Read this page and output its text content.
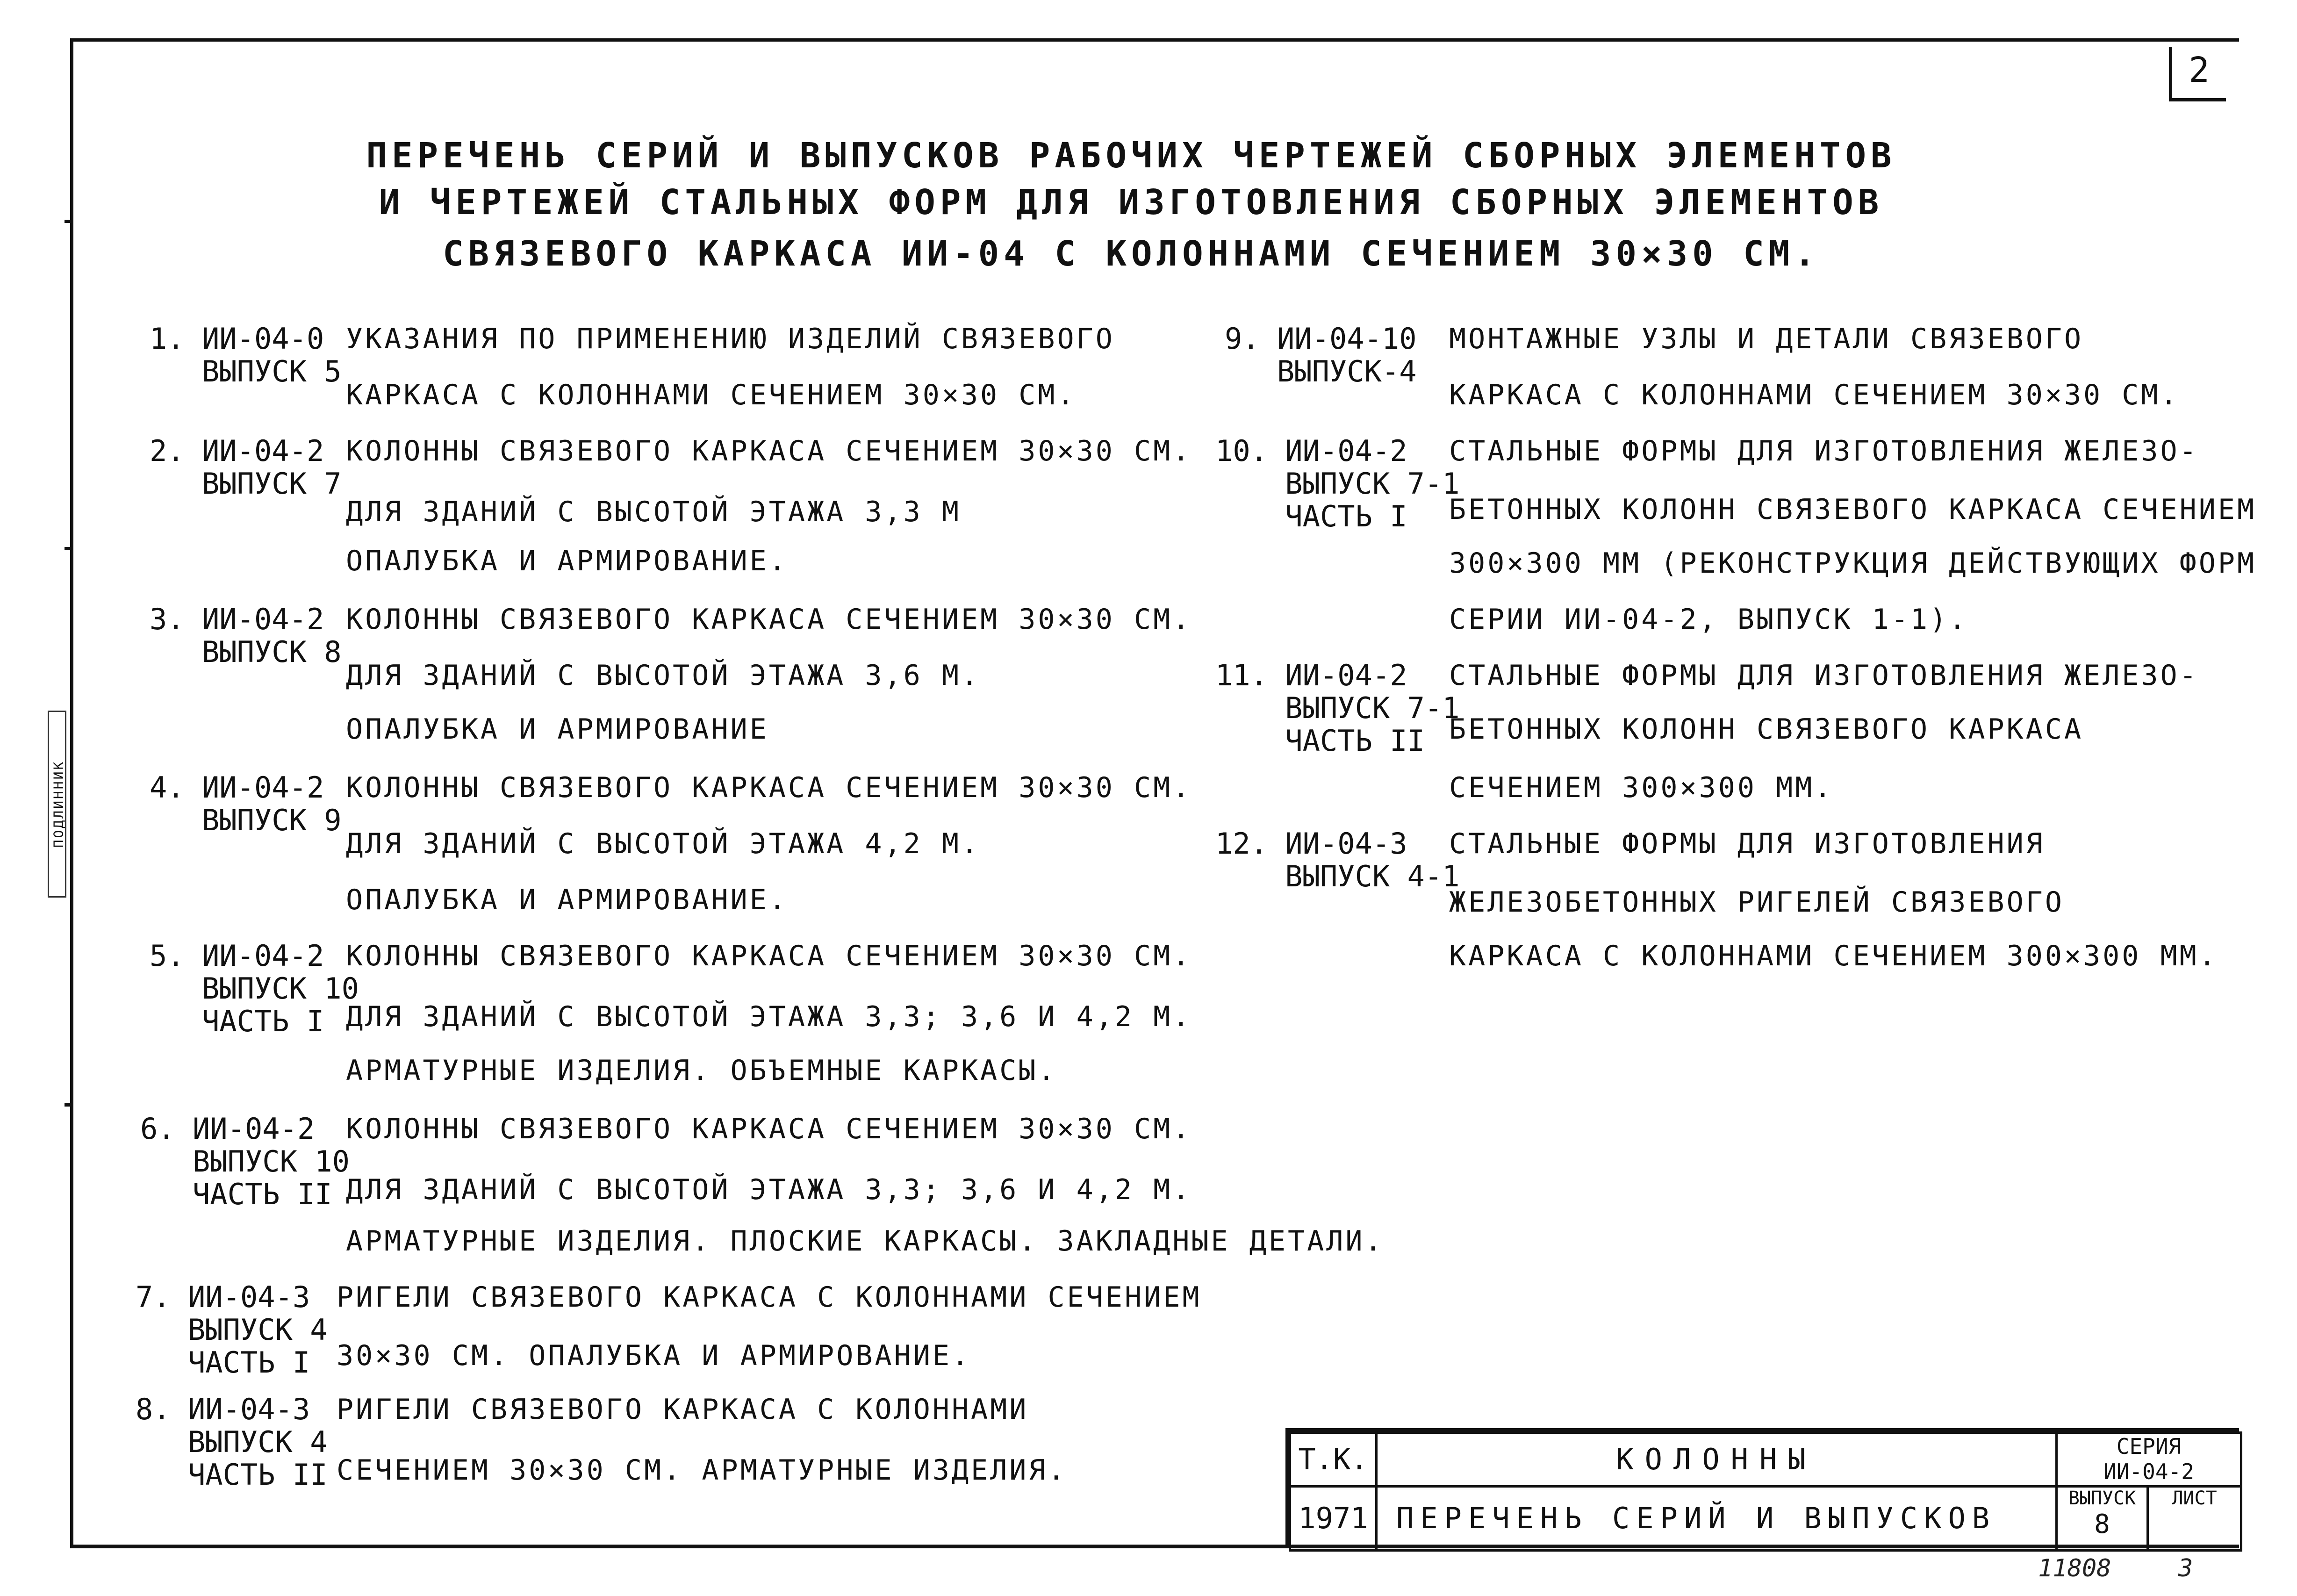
2
ПЕРЕЧЕНЬ СЕРИЙ И ВЫПУСКОВ РАБОЧИХ ЧЕРТЕЖЕЙ СБОРНЫХ ЭЛЕМЕНТОВ
И ЧЕРТЕЖЕЙ СТАЛЬНЫХ ФОРМ ДЛЯ ИЗГОТОВЛЕНИЯ СБОРНЫХ ЭЛЕМЕНТОВ
СВЯЗЕВОГО КАРКАСА ИИ-04 С КОЛОННАМИ СЕЧЕНИЕМ 30×30 СМ.
ПОДЛИННИК
1. ИИ-04-0
ВЫПУСК 5
УКАЗАНИЯ ПО ПРИМЕНЕНИЮ ИЗДЕЛИЙ СВЯЗЕВОГО
КАРКАСА С КОЛОННАМИ СЕЧЕНИЕМ 30×30 СМ.
2. ИИ-04-2
ВЫПУСК 7
КОЛОННЫ СВЯЗЕВОГО КАРКАСА СЕЧЕНИЕМ 30×30 СМ.
ДЛЯ ЗДАНИЙ С ВЫСОТОЙ ЭТАЖА 3,3 М
ОПАЛУБКА И АРМИРОВАНИЕ.
3. ИИ-04-2
ВЫПУСК 8
КОЛОННЫ СВЯЗЕВОГО КАРКАСА СЕЧЕНИЕМ 30×30 СМ.
ДЛЯ ЗДАНИЙ С ВЫСОТОЙ ЭТАЖА 3,6 М.
ОПАЛУБКА И АРМИРОВАНИЕ
4. ИИ-04-2
ВЫПУСК 9
КОЛОННЫ СВЯЗЕВОГО КАРКАСА СЕЧЕНИЕМ 30×30 СМ.
ДЛЯ ЗДАНИЙ С ВЫСОТОЙ ЭТАЖА 4,2 М.
ОПАЛУБКА И АРМИРОВАНИЕ.
5. ИИ-04-2
ВЫПУСК 10
ЧАСТЬ I
КОЛОННЫ СВЯЗЕВОГО КАРКАСА СЕЧЕНИЕМ 30×30 СМ.
ДЛЯ ЗДАНИЙ С ВЫСОТОЙ ЭТАЖА 3,3; 3,6 И 4,2 М.
АРМАТУРНЫЕ ИЗДЕЛИЯ. ОБЪЕМНЫЕ КАРКАСЫ.
6. ИИ-04-2
ВЫПУСК 10
ЧАСТЬ II
КОЛОННЫ СВЯЗЕВОГО КАРКАСА СЕЧЕНИЕМ 30×30 СМ.
ДЛЯ ЗДАНИЙ С ВЫСОТОЙ ЭТАЖА 3,3; 3,6 И 4,2 М.
АРМАТУРНЫЕ ИЗДЕЛИЯ. ПЛОСКИЕ КАРКАСЫ. ЗАКЛАДНЫЕ ДЕТАЛИ.
7. ИИ-04-3
ВЫПУСК 4
ЧАСТЬ I
РИГЕЛИ СВЯЗЕВОГО КАРКАСА С КОЛОННАМИ СЕЧЕНИЕМ
30×30 СМ. ОПАЛУБКА И АРМИРОВАНИЕ.
8. ИИ-04-3
ВЫПУСК 4
ЧАСТЬ II
РИГЕЛИ СВЯЗЕВОГО КАРКАСА С КОЛОННАМИ
СЕЧЕНИЕМ 30×30 СМ. АРМАТУРНЫЕ ИЗДЕЛИЯ.
9. ИИ-04-10
ВЫПУСК-4
МОНТАЖНЫЕ УЗЛЫ И ДЕТАЛИ СВЯЗЕВОГО
КАРКАСА С КОЛОННАМИ СЕЧЕНИЕМ 30×30 СМ.
10. ИИ-04-2
ВЫПУСК 7-1
ЧАСТЬ I
СТАЛЬНЫЕ ФОРМЫ ДЛЯ ИЗГОТОВЛЕНИЯ ЖЕЛЕЗО-
БЕТОННЫХ КОЛОНН СВЯЗЕВОГО КАРКАСА СЕЧЕНИЕМ
300×300 ММ (РЕКОНСТРУКЦИЯ ДЕЙСТВУЮЩИХ ФОРМ
СЕРИИ ИИ-04-2, ВЫПУСК 1-1).
11. ИИ-04-2
ВЫПУСК 7-1
ЧАСТЬ II
СТАЛЬНЫЕ ФОРМЫ ДЛЯ ИЗГОТОВЛЕНИЯ ЖЕЛЕЗО-
БЕТОННЫХ КОЛОНН СВЯЗЕВОГО КАРКАСА
СЕЧЕНИЕМ 300×300 ММ.
12. ИИ-04-3
ВЫПУСК 4-1
СТАЛЬНЫЕ ФОРМЫ ДЛЯ ИЗГОТОВЛЕНИЯ
ЖЕЛЕЗОБЕТОННЫХ РИГЕЛЕЙ СВЯЗЕВОГО
КАРКАСА С КОЛОННАМИ СЕЧЕНИЕМ 300×300 ММ.
Т.К.
1971
КОЛОННЫ
ПЕРЕЧЕНЬ СЕРИЙ И ВЫПУСКОВ
СЕРИЯ
ИИ-04-2
ВЫПУСК
8
ЛИСТ
11808	3
